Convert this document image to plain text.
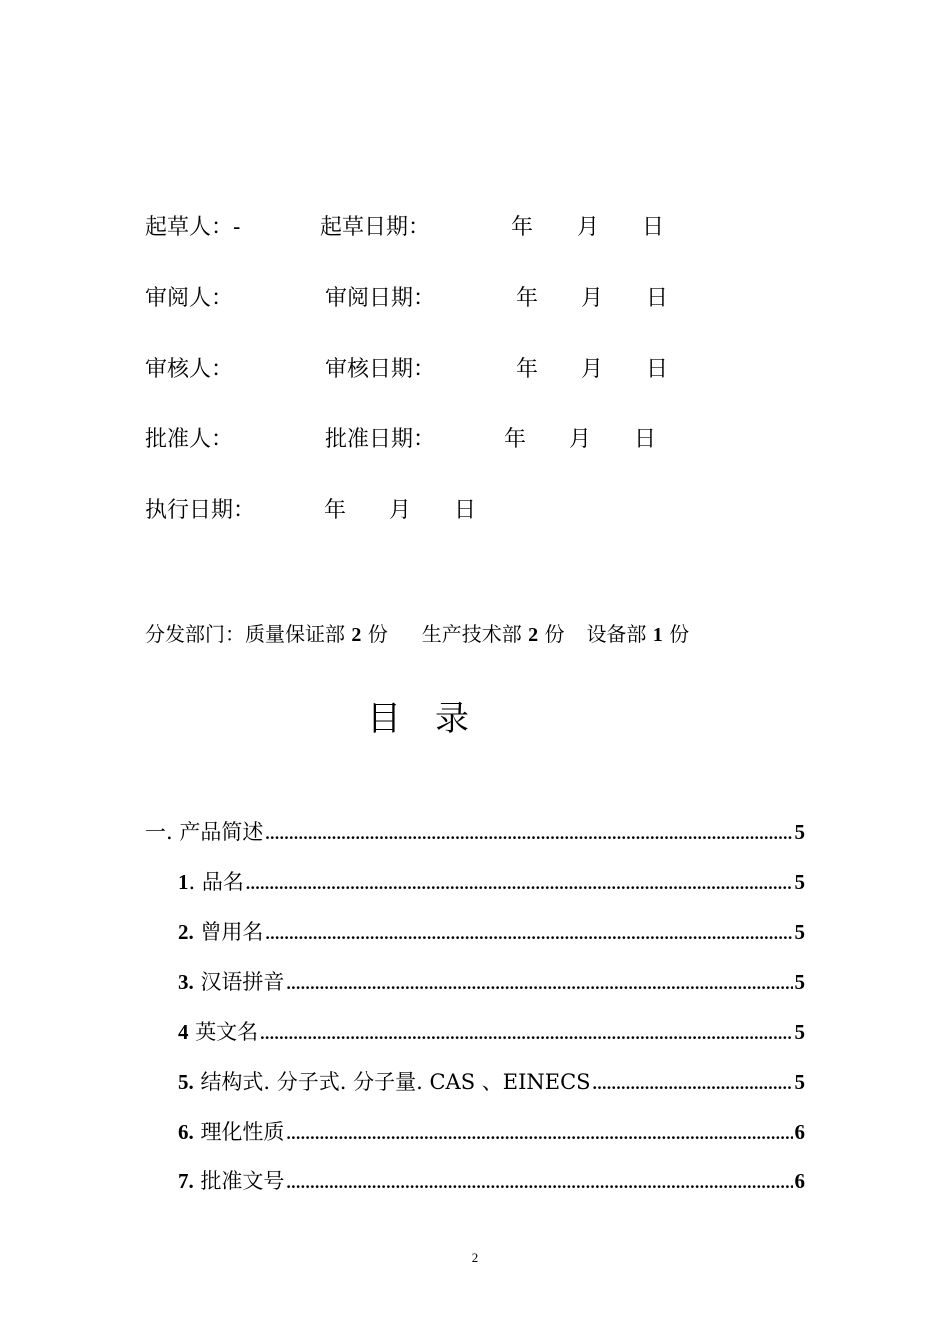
起草人：-	起草日期：	年 月 日
审阅人：	审阅日期：	年 月 日
审核人：	审核日期：	年 月 日
批准人：	批准日期：	年 月 日
执行日期：	年 月 日
分发部门：质量保证部 2 份 生产技术部 2 份 设备部 1 份
目录
一. 产品简述 .....	5
1. 品名 .....	5
2. 曾用名 .....	5
3. 汉语拼音 .....	5
4 英文名 .....	5
5. 结构式. 分子式. 分子量. CAS 、EINECS .....	5
6. 理化性质 .....	6
7. 批准文号 .....	6
2
